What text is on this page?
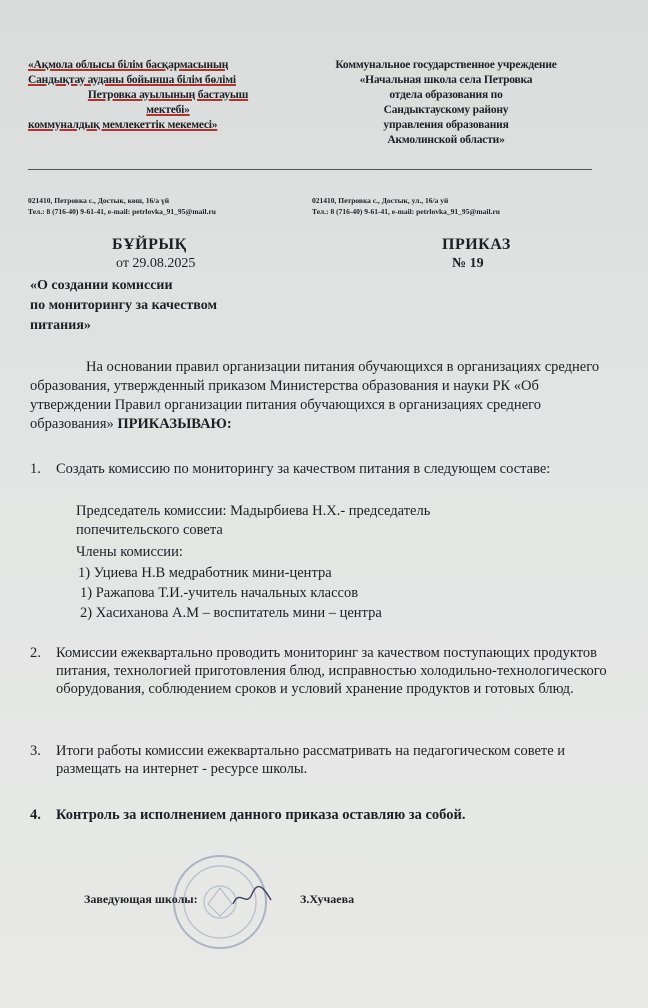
«Ақмола облысы білім басқармасының
Сандықтау ауданы бойынша білім бөлімі
Петровка ауылының бастауыш
мектебі»
коммуналдық мемлекеттік мекемесі»
Коммунальное государственное учреждение
«Начальная школа села Петровка
отдела образования по
Сандыктаускому району
управления образования
Акмолинской области»
021410, Петровка с., Достык, көш, 16/а үй
Тел.: 8 (716-40) 9-61-41, e-mail: petrlovka_91_95@mail.ru
021410, Петровка с., Достык, ул., 16/а уй
Тел.: 8 (716-40) 9-61-41, e-mail: petrlovka_91_95@mail.ru
БҰЙРЫҚ	ПРИКАЗ
от 29.08.2025	№ 19
«О создании комиссии
по мониторингу за качеством
питания»
На основании правил организации питания обучающихся в организациях среднего образования, утвержденный приказом Министерства образования и науки РК «Об утверждении Правил организации питания обучающихся в организациях среднего образования» ПРИКАЗЫВАЮ:
1. Создать комиссию по мониторингу за качеством питания в следующем составе:
Председатель комиссии: Мадырбиева Н.Х.- председатель
попечительского совета
Члены комиссии:
1) Уциева Н.В медработник мини-центра
1) Ражапова Т.И.-учитель начальных классов
2) Хасиханова А.М – воспитатель мини – центра
2. Комиссии ежеквартально проводить мониторинг за качеством поступающих продуктов питания, технологией приготовления блюд, исправностью холодильно-технологического оборудования, соблюдением сроков и условий хранение продуктов и готовых блюд.
3. Итоги работы комиссии ежеквартально рассматривать на педагогическом совете и размещать на интернет - ресурсе школы.
4. Контроль за исполнением данного приказа оставляю за собой.
Заведующая школы:	З.Хучаева
